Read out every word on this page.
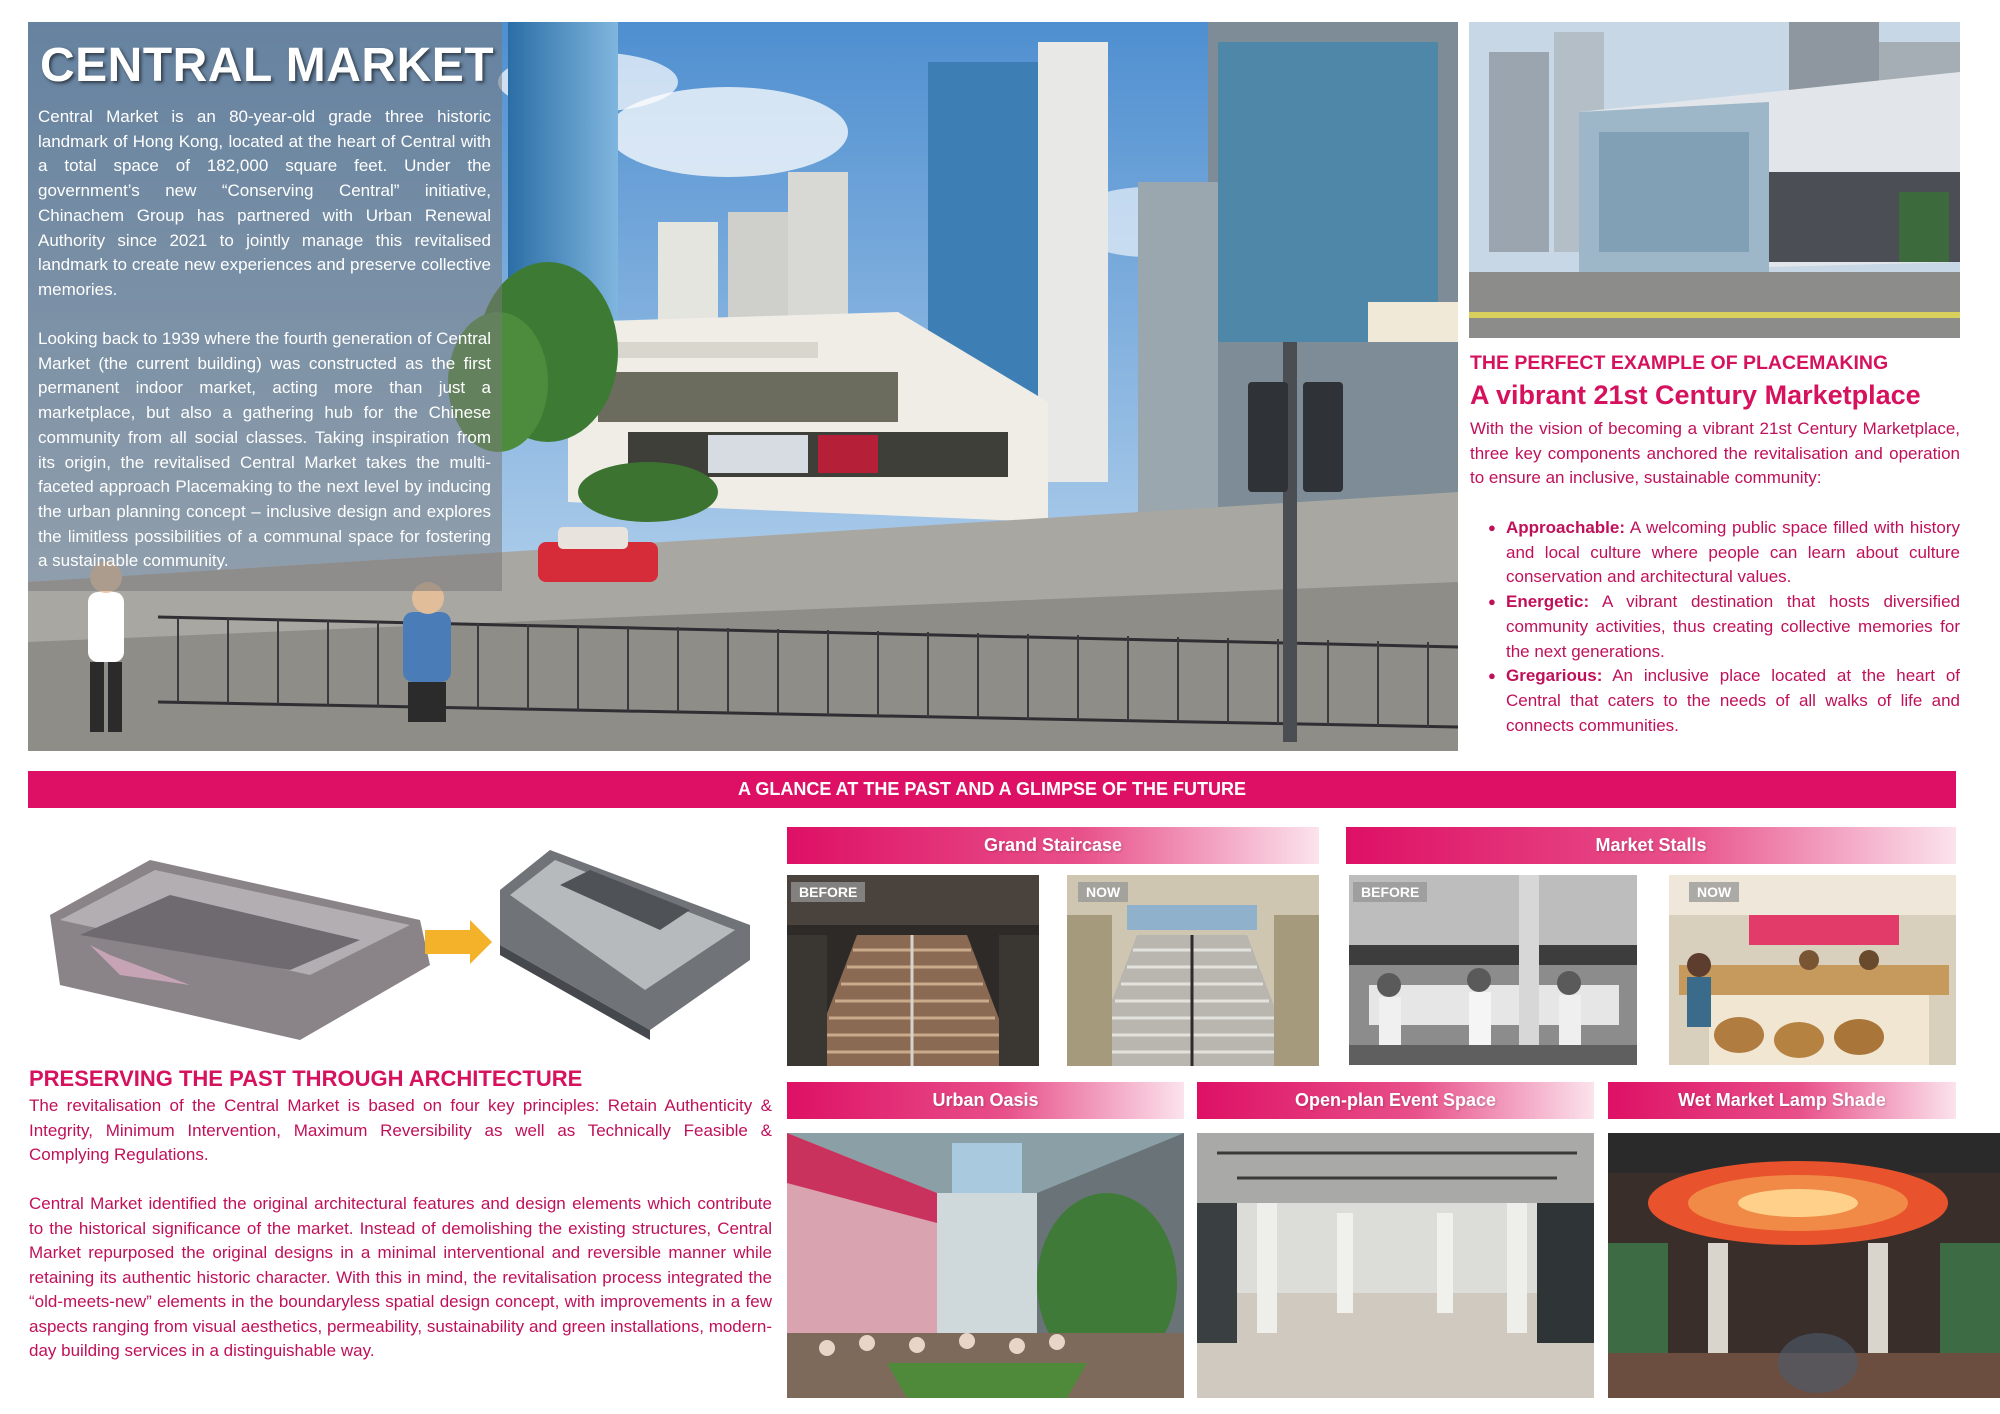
CENTRAL MARKET

Central Market is an 80-year-old grade three historic landmark of Hong Kong, located at the heart of Central with a total space of 182,000 square feet. Under the government’s new “Conserving Central” initiative, Chinachem Group has partnered with Urban Renewal Authority since 2021 to jointly manage this revitalised landmark to create new experiences and preserve collective memories.

Looking back to 1939 where the fourth generation of Central Market (the current building) was constructed as the first permanent indoor market, acting more than just a marketplace, but also a gathering hub for the Chinese community from all social classes. Taking inspiration from its origin, the revitalised Central Market takes the multi-faceted approach Placemaking to the next level by inducing the urban planning concept – inclusive design and explores the limitless possibilities of a communal space for fostering a sustainable community.

THE PERFECT EXAMPLE OF PLACEMAKING
A vibrant 21st Century Marketplace

With the vision of becoming a vibrant 21st Century Marketplace, three key components anchored the revitalisation and operation to ensure an inclusive, sustainable community:

● Approachable: A welcoming public space filled with history and local culture where people can learn about culture conservation and architectural values.
● Energetic: A vibrant destination that hosts diversified community activities, thus creating collective memories for the next generations.
● Gregarious: An inclusive place located at the heart of Central that caters to the needs of all walks of life and connects communities.
A GLANCE AT THE PAST AND A GLIMPSE OF THE FUTURE
PRESERVING THE PAST THROUGH ARCHITECTURE

The revitalisation of the Central Market is based on four key principles: Retain Authenticity & Integrity, Minimum Intervention, Maximum Reversibility as well as Technically Feasible & Complying Regulations.

Central Market identified the original architectural features and design elements which contribute to the historical significance of the market. Instead of demolishing the existing structures, Central Market repurposed the original designs in a minimal interventional and reversible manner while retaining its authentic historic character. With this in mind, the revitalisation process integrated the “old-meets-new” elements in the boundaryless spatial design concept, with improvements in a few aspects ranging from visual aesthetics, permeability, sustainability and green installations, modern-day building services in a distinguishable way.

Grand Staircase
BEFORE	NOW
Market Stalls
BEFORE	NOW
Urban Oasis	Open-plan Event Space	Wet Market Lamp Shade
